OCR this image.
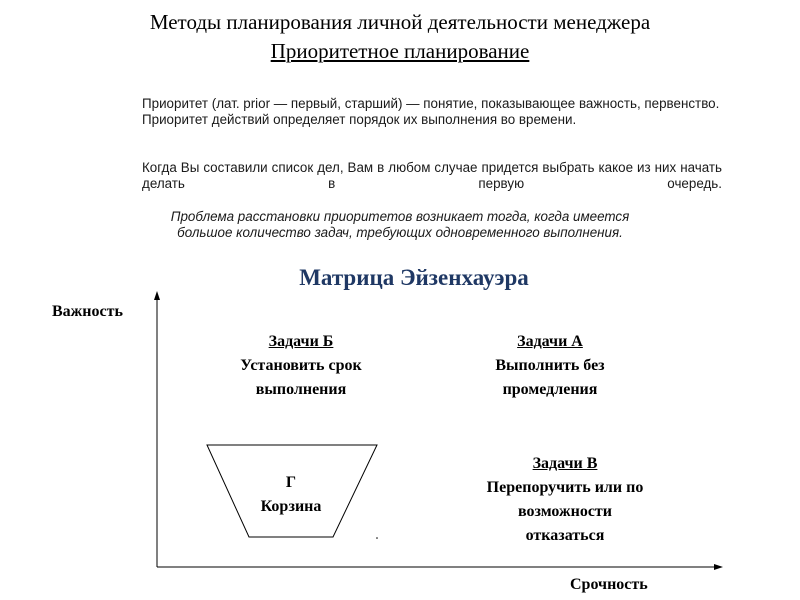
Методы планирования личной деятельности менеджера
Приоритетное планирование
Приоритет (лат. prior — первый, старший) — понятие, показывающее важность, первенство. Приоритет действий определяет порядок их выполнения во времени.
Когда Вы составили список дел, Вам в любом случае придется выбрать какое из них начать делать в первую очередь.
Проблема расстановки приоритетов возникает тогда, когда имеется большое количество задач, требующих одновременного выполнения.
Матрица Эйзенхауэра
Важность
Срочность
Задачи Б
Установить срок
выполнения
Задачи А
Выполнить без
промедления
Задачи В
Перепоручить или по
возможности
отказаться
Г
Корзина
